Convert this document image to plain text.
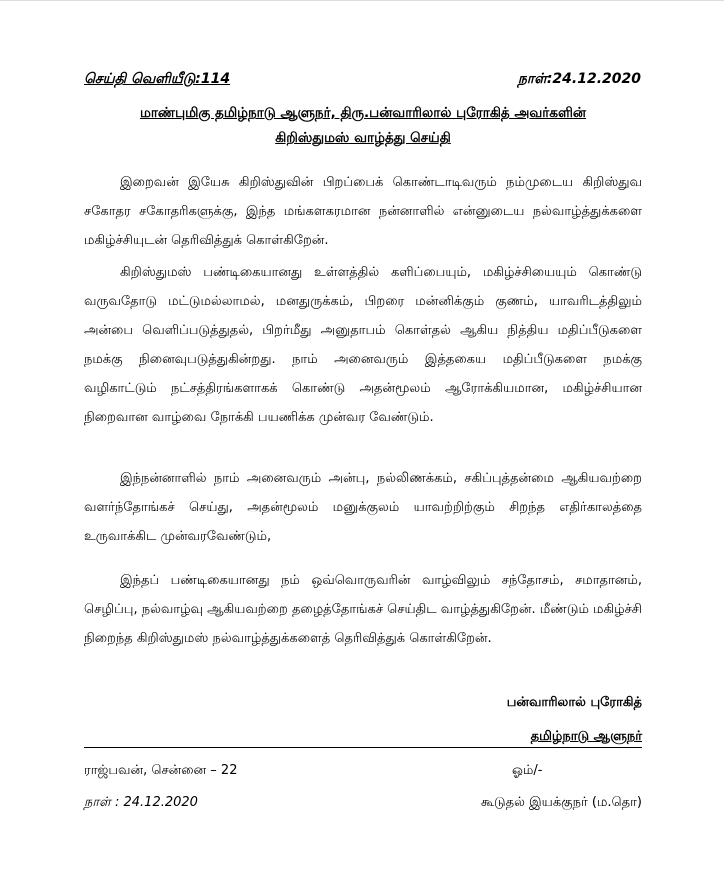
செய்தி வெளியீடு:114	நாள்:24.12.2020
மாண்புமிகு தமிழ்நாடு ஆளுநர், திரு.பன்வாரிலால் புரோகித் அவர்களின்
கிறிஸ்துமஸ் வாழ்த்து செய்தி

இறைவன் இயேசு கிறிஸ்துவின் பிறப்பைக் கொண்டாடிவரும் நம்முடைய கிறிஸ்துவ சகோதர சகோதரிகளுக்கு, இந்த மங்களகரமான நன்னாளில் என்னுடைய நல்வாழ்த்துக்களை மகிழ்ச்சியுடன் தெரிவித்துக் கொள்கிறேன்.

கிறிஸ்துமஸ் பண்டிகையானது உள்ளத்தில் களிப்பையும், மகிழ்ச்சியையும் கொண்டு வருவதோடு மட்டுமல்லாமல், மனதுருக்கம், பிறரை மன்னிக்கும் குணம், யாவரிடத்திலும் அன்பை வெளிப்படுத்துதல், பிறர்மீது அனுதாபம் கொள்தல் ஆகிய நித்திய மதிப்பீடுகளை நமக்கு நினைவுபடுத்துகின்றது. நாம் அனைவரும் இத்தகைய மதிப்பீடுகளை நமக்கு வழிகாட்டும் நட்சத்திரங்களாகக் கொண்டு அதன்மூலம் ஆரோக்கியமான, மகிழ்ச்சியான நிறைவான வாழ்வை நோக்கி பயணிக்க முன்வர வேண்டும்.

இந்நன்னாளில் நாம் அனைவரும் அன்பு, நல்லிணக்கம், சகிப்புத்தன்மை ஆகியவற்றை வளர்ந்தோங்கச் செய்து, அதன்மூலம் மனுக்குலம் யாவற்றிற்கும் சிறந்த எதிர்காலத்தை உருவாக்கிட முன்வரவேண்டும்,

இந்தப் பண்டிகையானது நம் ஒவ்வொருவரின் வாழ்விலும் சந்தோசம், சமாதானம், செழிப்பு, நல்வாழ்வு ஆகியவற்றை தழைத்தோங்கச் செய்திட வாழ்த்துகிறேன். மீண்டும் மகிழ்ச்சி நிறைந்த கிறிஸ்துமஸ் நல்வாழ்த்துக்களைத் தெரிவித்துக் கொள்கிறேன்.

பன்வாரிலால் புரோகித்
தமிழ்நாடு ஆளுநர்
ராஜ்பவன், சென்னை – 22	ஓம்/-
நாள் : 24.12.2020	கூடுதல் இயக்குநர் (ம.தொ)
